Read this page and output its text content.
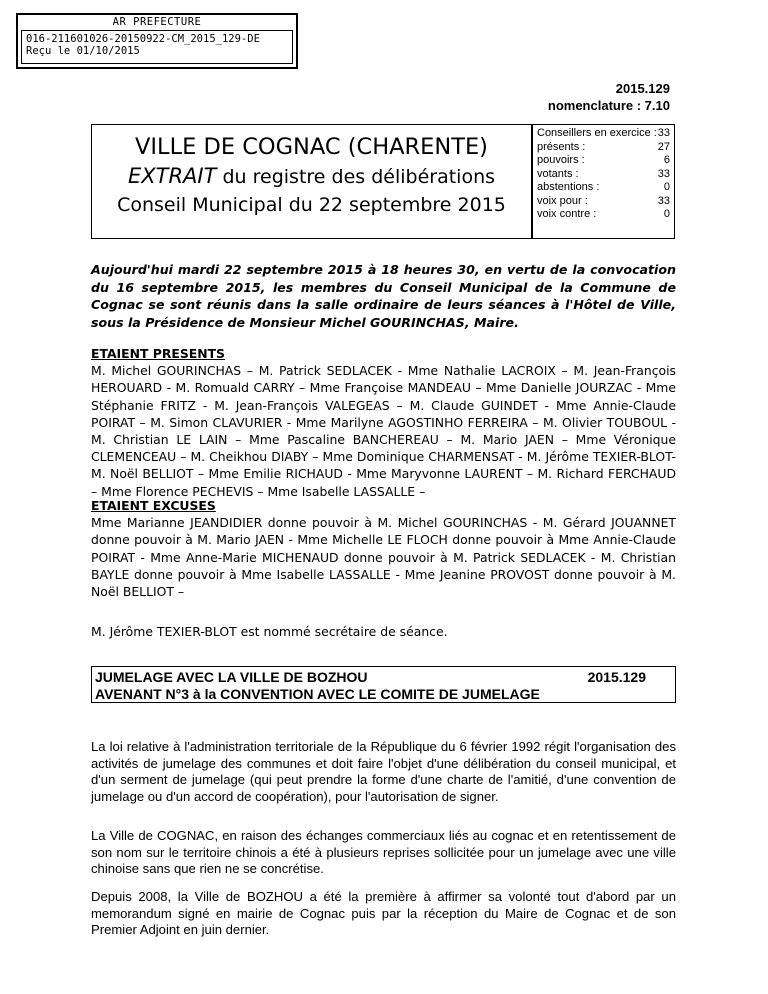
AR PREFECTURE
016-211601026-20150922-CM_2015_129-DE
Reçu le 01/10/2015
2015.129
nomenclature : 7.10
VILLE DE COGNAC (CHARENTE)
EXTRAIT du registre des délibérations
Conseil Municipal du 22 septembre 2015
Conseillers en exercice : 33
présents :	27
pouvoirs :	6
votants :	33
abstentions :	0
voix pour :	33
voix contre :	0
Aujourd'hui mardi 22 septembre 2015 à 18 heures 30, en vertu de la convocation du 16 septembre 2015, les membres du Conseil Municipal de la Commune de Cognac se sont réunis dans la salle ordinaire de leurs séances à l'Hôtel de Ville, sous la Présidence de Monsieur Michel GOURINCHAS, Maire.
ETAIENT PRESENTS
M. Michel GOURINCHAS – M. Patrick SEDLACEK - Mme Nathalie LACROIX – M. Jean-François HEROUARD - M. Romuald CARRY – Mme Françoise MANDEAU – Mme Danielle JOURZAC - Mme Stéphanie FRITZ - M. Jean-François VALEGEAS – M. Claude GUINDET - Mme Annie-Claude POIRAT – M. Simon CLAVURIER - Mme Marilyne AGOSTINHO FERREIRA – M. Olivier TOUBOUL - M. Christian LE LAIN – Mme Pascaline BANCHEREAU – M. Mario JAEN – Mme Véronique CLEMENCEAU – M. Cheikhou DIABY – Mme Dominique CHARMENSAT - M. Jérôme TEXIER-BLOT- M. Noël BELLIOT – Mme Emilie RICHAUD - Mme Maryvonne LAURENT – M. Richard FERCHAUD – Mme Florence PECHEVIS – Mme Isabelle LASSALLE –
ETAIENT EXCUSES
Mme Marianne JEANDIDIER donne pouvoir à M. Michel GOURINCHAS - M. Gérard JOUANNET donne pouvoir à M. Mario JAEN - Mme Michelle LE FLOCH donne pouvoir à Mme Annie-Claude POIRAT - Mme Anne-Marie MICHENAUD donne pouvoir à M. Patrick SEDLACEK - M. Christian BAYLE donne pouvoir à Mme Isabelle LASSALLE - Mme Jeanine PROVOST donne pouvoir à M. Noël BELLIOT –
M. Jérôme TEXIER-BLOT est nommé secrétaire de séance.
JUMELAGE AVEC LA VILLE DE BOZHOU	2015.129
AVENANT N°3 à la CONVENTION AVEC LE COMITE DE JUMELAGE
La loi relative à l'administration territoriale de la République du 6 février 1992 régit l'organisation des activités de jumelage des communes et doit faire l'objet d'une délibération du conseil municipal, et d'un serment de jumelage (qui peut prendre la forme d'une charte de l'amitié, d'une convention de jumelage ou d'un accord de coopération), pour l'autorisation de signer.
La Ville de COGNAC, en raison des échanges commerciaux liés au cognac et en retentissement de son nom sur le territoire chinois a été à plusieurs reprises sollicitée pour un jumelage avec une ville chinoise sans que rien ne se concrétise.
Depuis 2008, la Ville de BOZHOU a été la première à affirmer sa volonté tout d'abord par un memorandum signé en mairie de Cognac puis par la réception du Maire de Cognac et de son Premier Adjoint en juin dernier.
